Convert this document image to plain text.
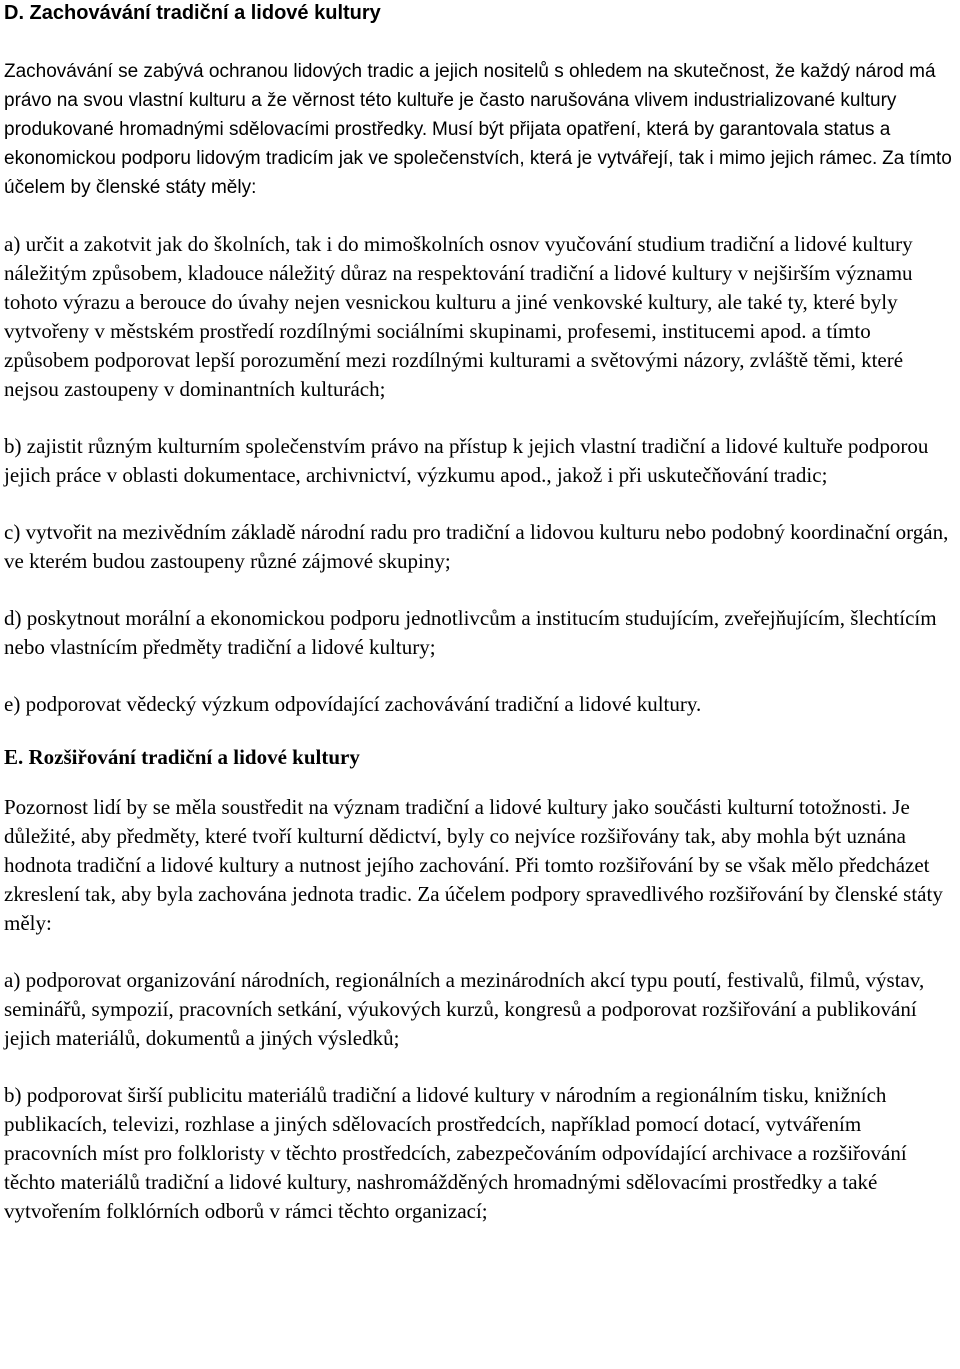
D. Zachovávání tradiční a lidové kultury

Zachovávání se zabývá ochranou lidových tradic a jejich nositelů s ohledem na skutečnost, že každý národ má právo na svou vlastní kulturu a že věrnost této kultuře je často narušována vlivem industrializované kultury produkované hromadnými sdělovacími prostředky. Musí být přijata opatření, která by garantovala status a ekonomickou podporu lidovým tradicím jak ve společenstvích, která je vytvářejí, tak i mimo jejich rámec. Za tímto účelem by členské státy měly:

a) určit a zakotvit jak do školních, tak i do mimoškolních osnov vyučování studium tradiční a lidové kultury náležitým způsobem, kladouce náležitý důraz na respektování tradiční a lidové kultury v nejširším významu tohoto výrazu a berouce do úvahy nejen vesnickou kulturu a jiné venkovské kultury, ale také ty, které byly vytvořeny v městském prostředí rozdílnými sociálními skupinami, profesemi, institucemi apod. a tímto způsobem podporovat lepší porozumění mezi rozdílnými kulturami a světovými názory, zvláště těmi, které nejsou zastoupeny v dominantních kulturách;

b) zajistit různým kulturním společenstvím právo na přístup k jejich vlastní tradiční a lidové kultuře podporou jejich práce v oblasti dokumentace, archivnictví, výzkumu apod., jakož i při uskutečňování tradic;

c) vytvořit na mezivědním základě národní radu pro tradiční a lidovou kulturu nebo podobný koordinační orgán, ve kterém budou zastoupeny různé zájmové skupiny;

d) poskytnout morální a ekonomickou podporu jednotlivcům a institucím studujícím, zveřejňujícím, šlechtícím nebo vlastnícím předměty tradiční a lidové kultury;

e) podporovat vědecký výzkum odpovídající zachovávání tradiční a lidové kultury.

E. Rozšiřování tradiční a lidové kultury

Pozornost lidí by se měla soustředit na význam tradiční a lidové kultury jako součásti kulturní totožnosti. Je důležité, aby předměty, které tvoří kulturní dědictví, byly co nejvíce rozšiřovány tak, aby mohla být uznána hodnota tradiční a lidové kultury a nutnost jejího zachování. Při tomto rozšiřování by se však mělo předcházet zkreslení tak, aby byla zachována jednota tradic. Za účelem podpory spravedlivého rozšiřování by členské státy měly:

a) podporovat organizování národních, regionálních a mezinárodních akcí typu poutí, festivalů, filmů, výstav, seminářů, sympozií, pracovních setkání, výukových kurzů, kongresů a podporovat rozšiřování a publikování jejich materiálů, dokumentů a jiných výsledků;

b) podporovat širší publicitu materiálů tradiční a lidové kultury v národním a regionálním tisku, knižních publikacích, televizi, rozhlase a jiných sdělovacích prostředcích, například pomocí dotací, vytvářením pracovních míst pro folkloristy v těchto prostředcích, zabezpečováním odpovídající archivace a rozšiřování těchto materiálů tradiční a lidové kultury, nashromážděných hromadnými sdělovacími prostředky a také vytvořením folklórních odborů v rámci těchto organizací;
